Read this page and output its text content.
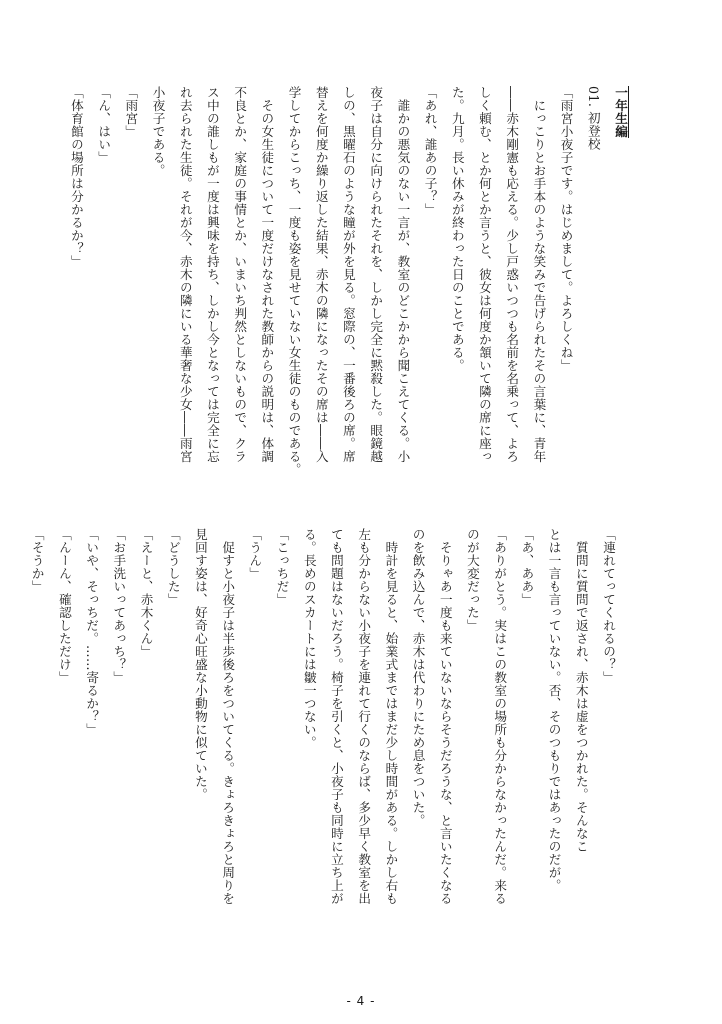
一年生編

01. 初登校

「雨宮小夜子です。はじめまして。よろしくね」

　にっこりとお手本のような笑みで告げられたその言葉に、青年

――赤木剛憲も応える。少し戸惑いつつも名前を名乗って、よろ

しく頼む、とか何とか言うと、彼女は何度か頷いて隣の席に座っ

た。九月。長い休みが終わった日のことである。

「あれ、誰あの子？」

　誰かの悪気のない一言が、教室のどこかから聞こえてくる。小

夜子は自分に向けられたそれを、しかし完全に黙殺した。眼鏡越

しの、黒曜石のような瞳が外を見る。窓際の、一番後ろの席。席

替えを何度か繰り返した結果、赤木の隣になったその席は――入

学してからこっち、一度も姿を見せていない女生徒のものである。

　その女生徒について一度だけなされた教師からの説明は、体調

不良とか、家庭の事情とか、いまいち判然としないもので、クラ

ス中の誰しもが一度は興味を持ち、しかし今となっては完全に忘

れ去られた生徒。それが今、赤木の隣にいる華奢な少女――雨宮

小夜子である。

「雨宮」

「ん、はい」

「体育館の場所は分かるか？」

「連れてってくれるの？」

　質問に質問で返され、赤木は虚をつかれた。そんなこ

とは一言も言っていない。否、そのつもりではあったのだが。

「あ、ああ」

「ありがとう。実はこの教室の場所も分からなかったんだ。来る

のが大変だった」

　そりゃあ一度も来ていないならそうだろうな、と言いたくなる

のを飲み込んで、赤木は代わりにため息をついた。

　時計を見ると、始業式まではまだ少し時間がある。しかし右も

左も分からない小夜子を連れて行くのならば、多少早く教室を出

ても問題はないだろう。椅子を引くと、小夜子も同時に立ち上が

る。長めのスカートには皺一つない。

「こっちだ」

「うん」

　促すと小夜子は半歩後ろをついてくる。きょろきょろと周りを

見回す姿は、好奇心旺盛な小動物に似ていた。

「どうした」

「えーと、赤木くん」

「お手洗いってあっち？」

「いや、そっちだ。……寄るか？」

「んーん、確認しただけ」

「そうか」

- 4 -
